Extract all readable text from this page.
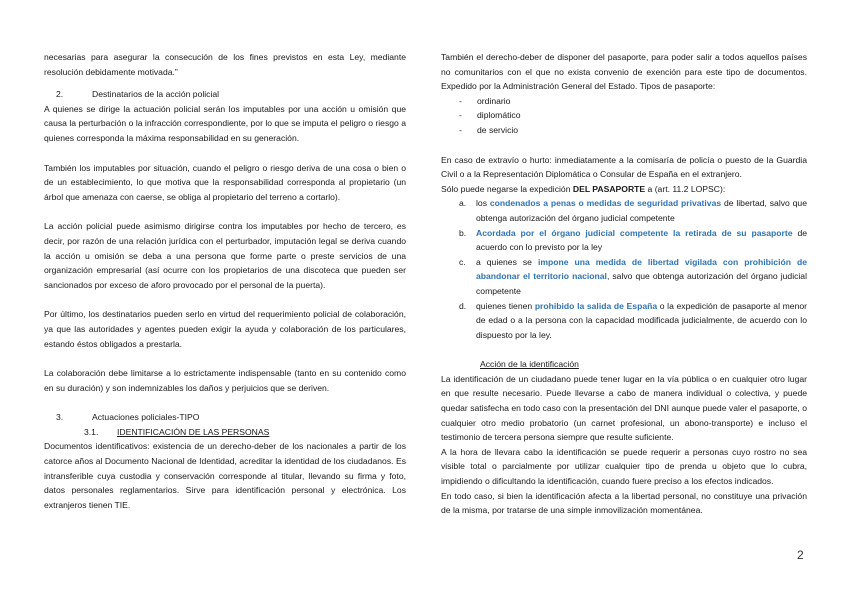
necesarias para asegurar la consecución de los fines previstos en esta Ley, mediante resolución debidamente motivada.”

2.	Destinatarios de la acción policial

A quienes se dirige la actuación policial serán los imputables por una acción u omisión que causa la perturbación o la infracción correspondiente, por lo que se imputa el peligro o riesgo a quienes corresponda la máxima responsabilidad en su generación.

También los imputables por situación, cuando el peligro o riesgo deriva de una cosa o bien o de un establecimiento, lo que motiva que la responsabilidad corresponda al propietario (un árbol que amenaza con caerse, se obliga al propietario del terreno a cortarlo).

La acción policial puede asimismo dirigirse contra los imputables por hecho de tercero, es decir, por razón de una relación jurídica con el perturbador, imputación legal se deriva cuando la acción u omisión se deba a una persona que forme parte o preste servicios de una organización empresarial (así ocurre con los propietarios de una discoteca que pueden ser sancionados por exceso de aforo provocado por el personal de la puerta).

Por último, los destinatarios pueden serlo en virtud del requerimiento policial de colaboración, ya que las autoridades y agentes pueden exigir la ayuda y colaboración de los particulares, estando éstos obligados a prestarla.

La colaboración debe limitarse a lo estrictamente indispensable (tanto en su contenido como en su duración) y son indemnizables los daños y perjuicios que se deriven.

3.	Actuaciones policiales-TIPO
3.1.	IDENTIFICACIÓN DE LAS PERSONAS

Documentos identificativos: existencia de un derecho-deber de los nacionales a partir de los catorce años al Documento Nacional de Identidad, acreditar la identidad de los ciudadanos. Es intransferible cuya custodia y conservación corresponde al titular, llevando su firma y foto, datos personales reglamentarios. Sirve para identificación personal y electrónica. Los extranjeros tienen TIE.

También el derecho-deber de disponer del pasaporte, para poder salir a todos aquellos países no comunitarios con el que no exista convenio de exención para este tipo de documentos. Expedido por la Administración General del Estado. Tipos de pasaporte:

-	ordinario
-	diplomático
-	de servicio

En caso de extravío o hurto: inmediatamente a la comisaría de policía o puesto de la Guardia Civil o a la Representación Diplomática o Consular de España en el extranjero.

Sólo puede negarse la expedición DEL PASAPORTE a (art. 11.2 LOPSC):

a.	los condenados a penas o medidas de seguridad privativas de libertad, salvo que obtenga autorización del órgano judicial competente
b.	Acordada por el órgano judicial competente la retirada de su pasaporte de acuerdo con lo previsto por la ley
c.	a quienes se impone una medida de libertad vigilada con prohibición de abandonar el territorio nacional, salvo que obtenga autorización del órgano judicial competente
d.	quienes tienen prohibido la salida de España o la expedición de pasaporte al menor de edad o a la persona con la capacidad modificada judicialmente, de acuerdo con lo dispuesto por la ley.
Acción de la identificación

La identificación de un ciudadano puede tener lugar en la vía pública o en cualquier otro lugar en que resulte necesario. Puede llevarse a cabo de manera individual o colectiva, y puede quedar satisfecha en todo caso con la presentación del DNI aunque puede valer el pasaporte, o cualquier otro medio probatorio (un carnet profesional, un abono-transporte) e incluso el testimonio de tercera persona siempre que resulte suficiente.

A la hora de llevara cabo la identificación se puede requerir a personas cuyo rostro no sea visible total o parcialmente por utilizar cualquier tipo de prenda u objeto que lo cubra, impidiendo o dificultando la identificación, cuando fuere preciso a los efectos indicados.

En todo caso, si bien la identificación afecta a la libertad personal, no constituye una privación de la misma, por tratarse de una simple inmovilización momentánea.

2
